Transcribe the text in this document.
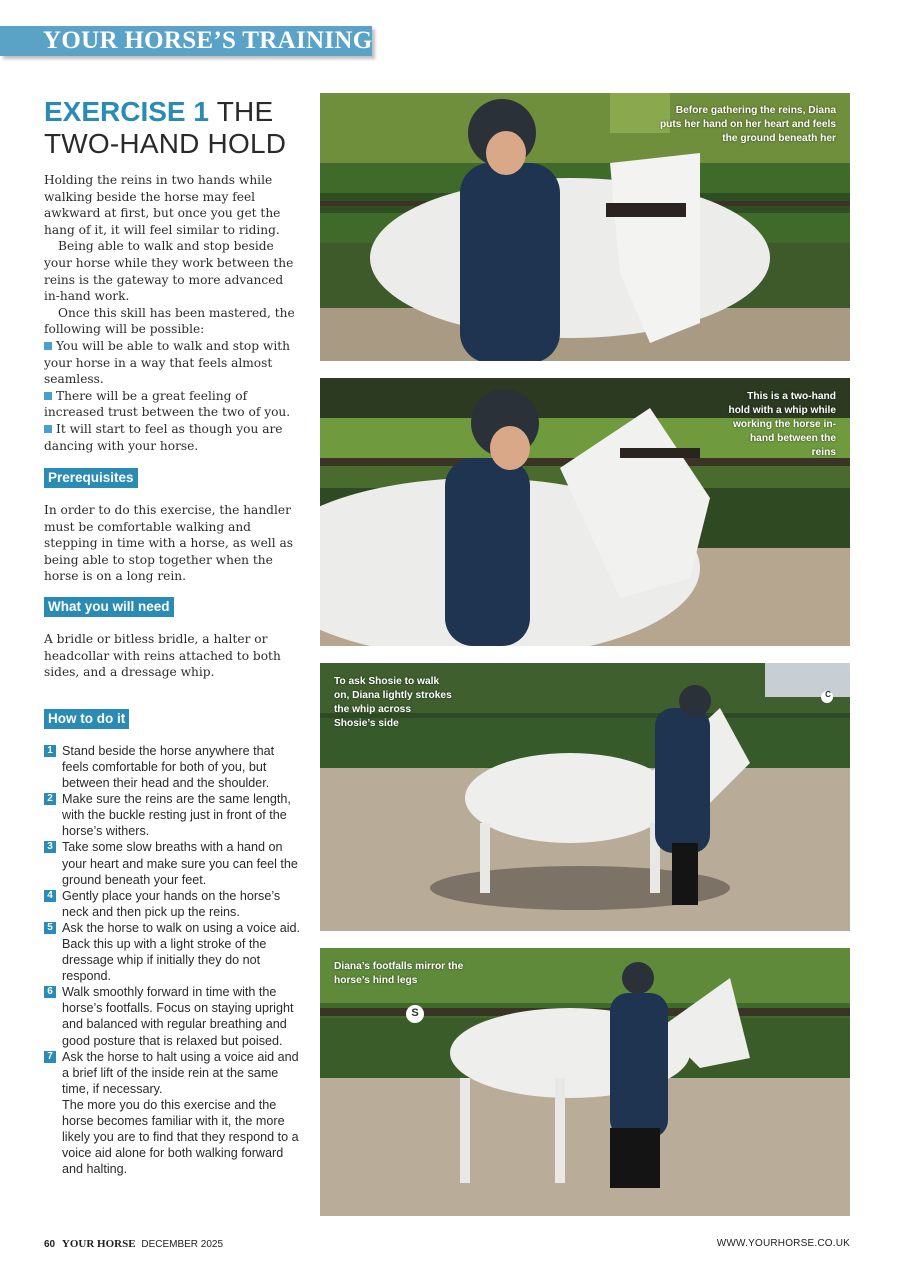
YOUR HORSE’S TRAINING
EXERCISE 1 THE
TWO-HAND HOLD

Holding the reins in two hands while walking beside the horse may feel awkward at first, but once you get the hang of it, it will feel similar to riding.

Being able to walk and stop beside your horse while they work between the reins is the gateway to more advanced in-hand work.

Once this skill has been mastered, the following will be possible:

You will be able to walk and stop with your horse in a way that feels almost seamless.

There will be a great feeling of increased trust between the two of you.

It will start to feel as though you are dancing with your horse.

Prerequisites

In order to do this exercise, the handler must be comfortable walking and stepping in time with a horse, as well as being able to stop together when the horse is on a long rein.

What you will need

A bridle or bitless bridle, a halter or headcollar with reins attached to both sides, and a dressage whip.

How to do it
1 Stand beside the horse anywhere that feels comfortable for both of you, but between their head and the shoulder.
2 Make sure the reins are the same length, with the buckle resting just in front of the horse’s withers.
3 Take some slow breaths with a hand on your heart and make sure you can feel the ground beneath your feet.
4 Gently place your hands on the horse’s neck and then pick up the reins.
5 Ask the horse to walk on using a voice aid. Back this up with a light stroke of the dressage whip if initially they do not respond.
6 Walk smoothly forward in time with the horse’s footfalls. Focus on staying upright and balanced with regular breathing and good posture that is relaxed but poised.
7 Ask the horse to halt using a voice aid and a brief lift of the inside rein at the same time, if necessary.
The more you do this exercise and the horse becomes familiar with it, the more likely you are to find that they respond to a voice aid alone for both walking forward and halting.
Before gathering the reins, Diana puts her hand on her heart and feels the ground beneath her
This is a two-hand hold with a whip while working the horse in-hand between the reins
To ask Shosie to walk on, Diana lightly strokes the whip across Shosie’s side
C
Diana’s footfalls mirror the horse’s hind legs
S
60 YOUR HORSE DECEMBER 2025	WWW.YOURHORSE.CO.UK
